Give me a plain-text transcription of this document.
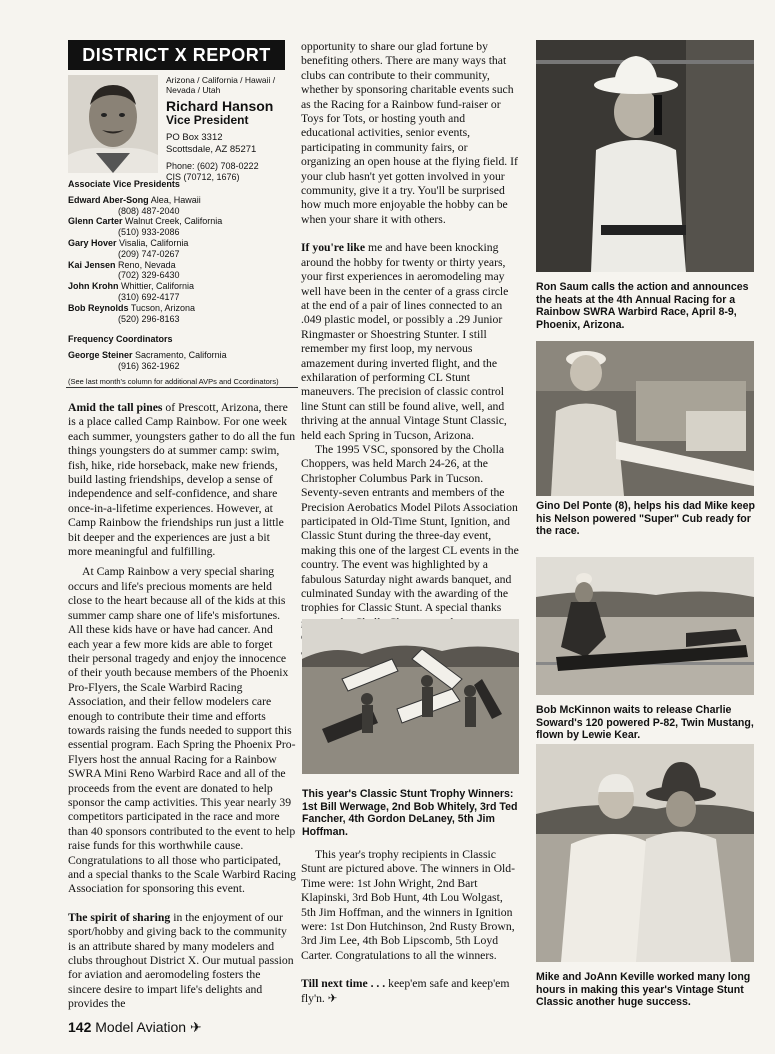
DISTRICT X REPORT
Arizona / California / Hawaii / Nevada / Utah
Richard Hanson
Vice President
PO Box 3312
Scottsdale, AZ 85271
Phone: (602) 708-0222
CIS (70712, 1676)
Associate Vice Presidents
Edward Aber-Song Alea, Hawaii
(808) 487-2040
Glenn Carter Walnut Creek, California
(510) 933-2086
Gary Hover Visalia, California
(209) 747-0267
Kai Jensen Reno, Nevada
(702) 329-6430
John Krohn Whittier, California
(310) 692-4177
Bob Reynolds Tucson, Arizona
(520) 296-8163
Frequency Coordinators
George Steiner Sacramento, California
(916) 362-1962
(See last month's column for additional AVPs and Ccordinators)

Amid the tall pines of Prescott, Arizona, there is a place called Camp Rainbow. For one week each summer, youngsters gather to do all the fun things youngsters do at summer camp: swim, fish, hike, ride horseback, make new friends, build lasting friendships, develop a sense of independence and self-confidence, and share once-in-a-lifetime experiences. However, at Camp Rainbow the friendships run just a little bit deeper and the experiences are just a bit more meaningful and fulfilling.

At Camp Rainbow a very special sharing occurs and life's precious moments are held close to the heart because all of the kids at this summer camp share one of life's misfortunes. All these kids have or have had cancer. And each year a few more kids are able to forget their personal tragedy and enjoy the innocence of their youth because members of the Phoenix Pro-Flyers, the Scale Warbird Racing Association, and their fellow modelers care enough to contribute their time and efforts towards raising the funds needed to support this essential program. Each Spring the Phoenix Pro-Flyers host the annual Racing for a Rainbow SWRA Mini Reno Warbird Race and all of the proceeds from the event are donated to help sponsor the camp activities. This year nearly 39 competitors participated in the race and more than 40 sponsors contributed to the event to help raise funds for this worthwhile cause. Congratulations to all those who participated, and a special thanks to the Scale Warbird Racing Association for sponsoring this event.

The spirit of sharing in the enjoyment of our sport/hobby and giving back to the community is an attribute shared by many modelers and clubs throughout District X. Our mutual passion for aviation and aeromodeling fosters the sincere desire to impart life's delights and provides the

opportunity to share our glad fortune by benefiting others. There are many ways that clubs can contribute to their community, whether by sponsoring charitable events such as the Racing for a Rainbow fund-raiser or Toys for Tots, or hosting youth and educational activities, senior events, participating in community fairs, or organizing an open house at the flying field. If your club hasn't yet gotten involved in your community, give it a try. You'll be surprised how much more enjoyable the hobby can be when your share it with others.

If you're like me and have been knocking around the hobby for twenty or thirty years, your first experiences in aeromodeling may well have been in the center of a grass circle at the end of a pair of lines connected to an .049 plastic model, or possibly a .29 Junior Ringmaster or Shoestring Stunter. I still remember my first loop, my nervous amazement during inverted flight, and the exhilaration of performing CL Stunt maneuvers. The precision of classic control line Stunt can still be found alive, well, and thriving at the annual Vintage Stunt Classic, held each Spring in Tucson, Arizona.

The 1995 VSC, sponsored by the Cholla Choppers, was held March 24-26, at the Christopher Columbus Park in Tucson. Seventy-seven entrants and members of the Precision Aerobatics Model Pilots Association participated in Old-Time Stunt, Ignition, and Classic Stunt during the three-day event, making this one of the largest CL events in the country. The event was highlighted by a fabulous Saturday night awards banquet, and culminated Sunday with the awarding of the trophies for Classic Stunt. A special thanks

This year's Classic Stunt Trophy Winners: 1st Bill Werwage, 2nd Bob Whitely, 3rd Ted Fancher, 4th Gordon DeLaney, 5th Jim Hoffman.

This year's trophy recipients in Classic Stunt are pictured above. The winners in Old-Time were: 1st John Wright, 2nd Bart Klapinski, 3rd Bob Hunt, 4th Lou Wolgast, 5th Jim Hoffman, and the winners in Ignition were: 1st Don Hutchinson, 2nd Rusty Brown, 3rd Jim Lee, 4th Bob Lipscomb, 5th Loyd Carter. Congratulations to all the winners.

Till next time . . . keep'em safe and keep'em fly'n. ✈

Ron Saum calls the action and announces the heats at the 4th Annual Racing for a Rainbow SWRA Warbird Race, April 8-9, Phoenix, Arizona.
Gino Del Ponte (8), helps his dad Mike keep his Nelson powered "Super" Cub ready for the race.
Bob McKinnon waits to release Charlie Soward's 120 powered P-82, Twin Mustang, flown by Lewie Kear.
Mike and JoAnn Keville worked many long hours in making this year's Vintage Stunt Classic another huge success.
142 Model Aviation ✈
